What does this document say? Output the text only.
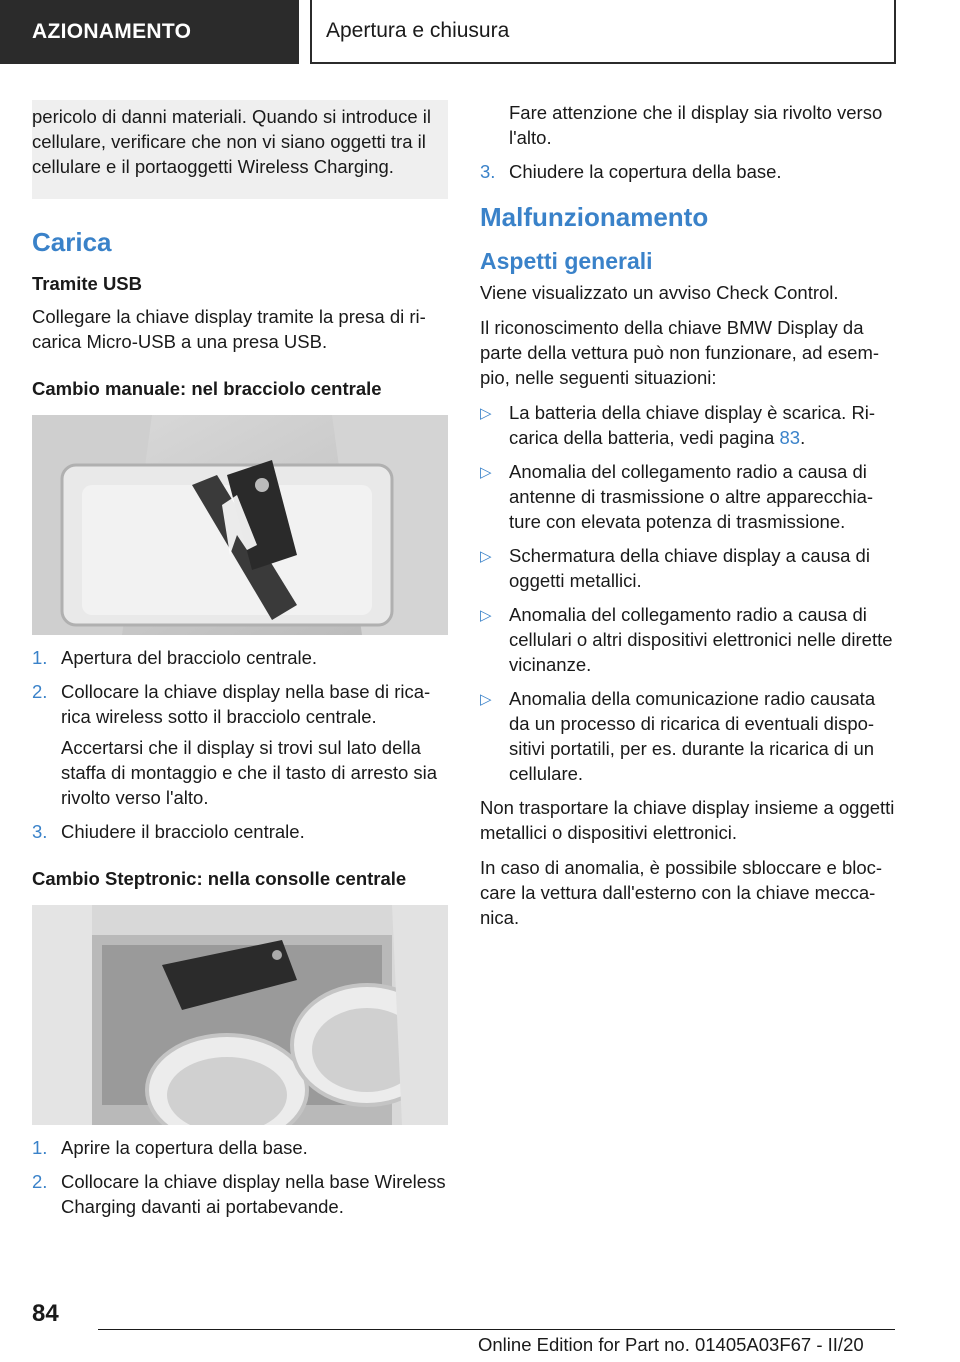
AZIONAMENTO	Apertura e chiusura
pericolo di danni materiali. Quando si introduce il cellulare, verificare che non vi siano oggetti tra il cellulare e il portaoggetti Wireless Charging.
Carica
Tramite USB

Collegare la chiave display tramite la presa di ricarica Micro-USB a una presa USB.

Cambio manuale: nel bracciolo centrale
1. Apertura del bracciolo centrale.
2. Collocare la chiave display nella base di ricarica wireless sotto il bracciolo centrale.
Accertarsi che il display si trovi sul lato della staffa di montaggio e che il tasto di arresto sia rivolto verso l'alto.
3. Chiudere il bracciolo centrale.
Cambio Steptronic: nella consolle centrale
1. Aprire la copertura della base.
2. Collocare la chiave display nella base Wireless Charging davanti ai portabevande.
Fare attenzione che il display sia rivolto verso l'alto.
3. Chiudere la copertura della base.
Malfunzionamento
Aspetti generali

Viene visualizzato un avviso Check Control.

Il riconoscimento della chiave BMW Display da parte della vettura può non funzionare, ad esempio, nelle seguenti situazioni:

▷ La batteria della chiave display è scarica. Ricarica della batteria, vedi pagina 83.
▷ Anomalia del collegamento radio a causa di antenne di trasmissione o altre apparecchiature con elevata potenza di trasmissione.
▷ Schermatura della chiave display a causa di oggetti metallici.
▷ Anomalia del collegamento radio a causa di cellulari o altri dispositivi elettronici nelle dirette vicinanze.
▷ Anomalia della comunicazione radio causata da un processo di ricarica di eventuali dispositivi portatili, per es. durante la ricarica di un cellulare.

Non trasportare la chiave display insieme a oggetti metallici o dispositivi elettronici.

In caso di anomalia, è possibile sbloccare e bloccare la vettura dall'esterno con la chiave meccanica.

84
Online Edition for Part no. 01405A03F67 - II/20
